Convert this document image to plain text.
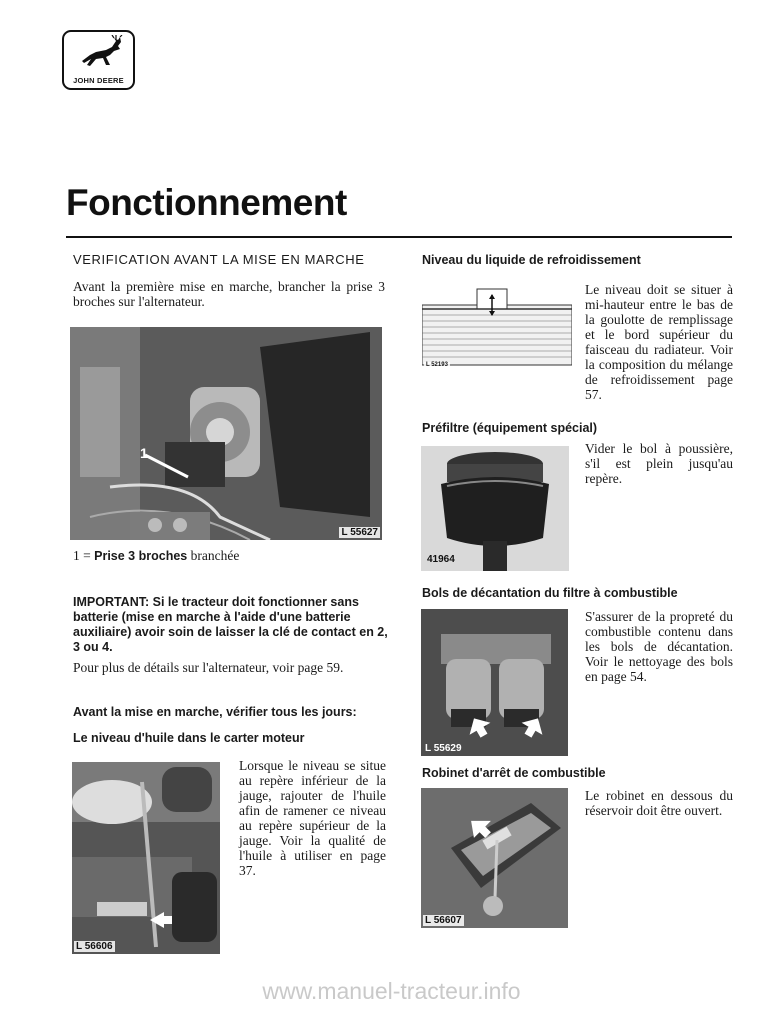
JOHN DEERE
Fonctionnement
VERIFICATION AVANT LA MISE EN MARCHE

Avant la première mise en marche, brancher la prise 3 broches sur l'alternateur.

1
L 55627

1 = Prise 3 broches branchée

IMPORTANT: Si le tracteur doit fonctionner sans batterie (mise en marche à l'aide d'une batterie auxiliaire) avoir soin de laisser la clé de contact en 2, 3 ou 4.

Pour plus de détails sur l'alternateur, voir page 59.

Avant la mise en marche, vérifier tous les jours:
Le niveau d'huile dans le carter moteur
L 56606

Lorsque le niveau se situe au repère inférieur de la jauge, rajouter de l'huile afin de ramener ce niveau au repère supérieur de la jauge. Voir la qualité de l'huile à utiliser en page 37.

Niveau du liquide de refroidissement
L 52193

Le niveau doit se situer à mi-hauteur entre le bas de la goulotte de remplissage et le bord supérieur du faisceau du radiateur. Voir la composition du mélange de refroidissement page 57.

Préfiltre (équipement spécial)
41964

Vider le bol à poussière, s'il est plein jusqu'au repère.

Bols de décantation du filtre à combustible
L 55629

S'assurer de la propreté du combustible contenu dans les bols de décantation. Voir le nettoyage des bols en page 54.

Robinet d'arrêt de combustible
L 56607

Le robinet en dessous du réservoir doit être ouvert.

www.manuel-tracteur.info
